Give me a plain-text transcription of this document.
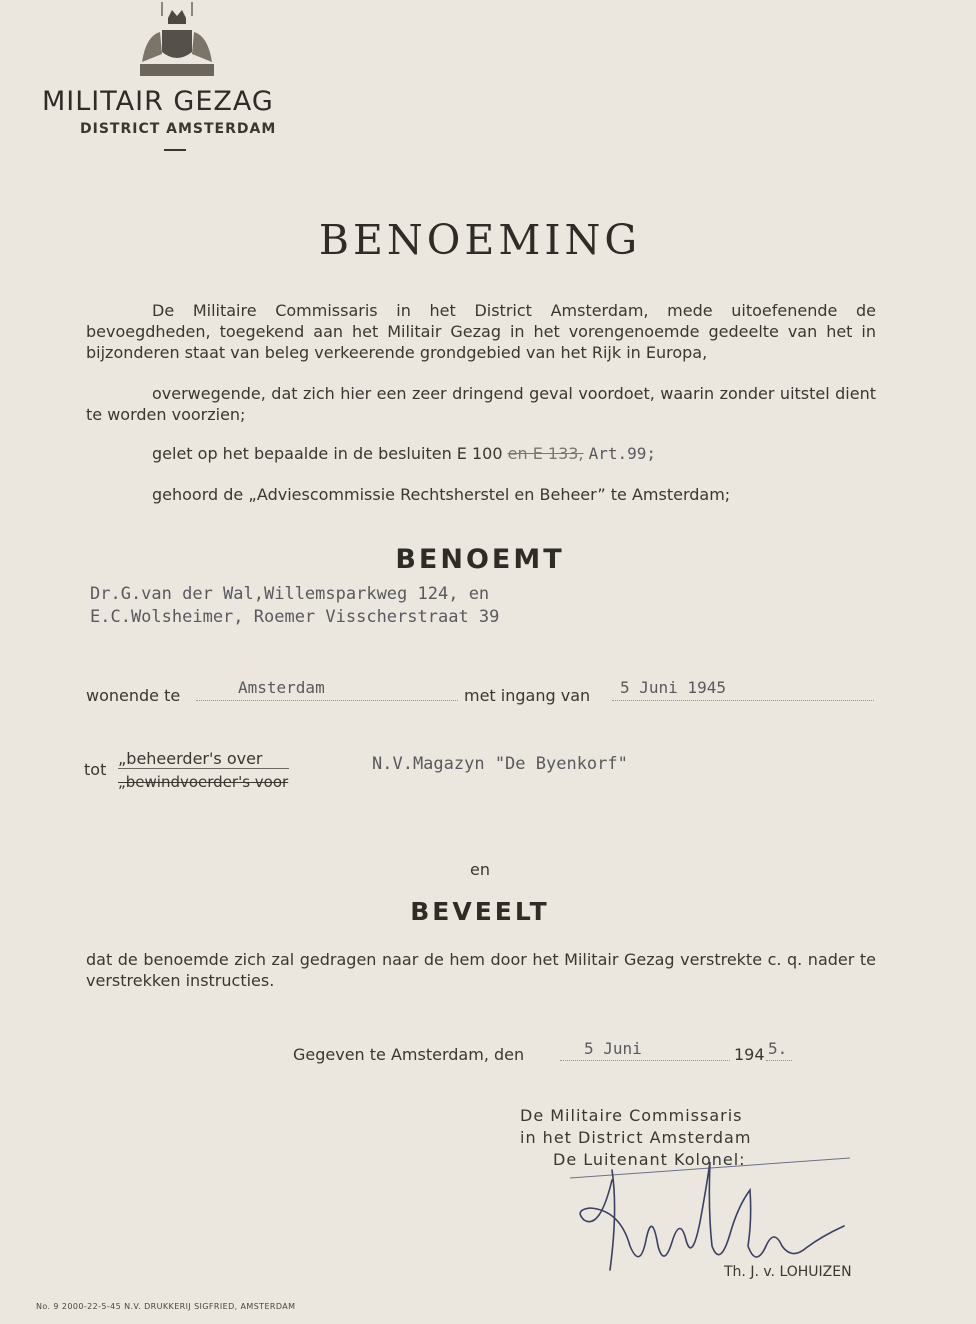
MILITAIR GEZAG
DISTRICT AMSTERDAM
BENOEMING
De Militaire Commissaris in het District Amsterdam, mede uitoefenende de bevoegdheden, toegekend aan het Militair Gezag in het vorengenoemde gedeelte van het in bijzonderen staat van beleg verkeerende grondgebied van het Rijk in Europa,
overwegende, dat zich hier een zeer dringend geval voordoet, waarin zonder uitstel dient te worden voorzien;
gelet op het bepaalde in de besluiten E 100 en E 133, Art.99;
gehoord de „Adviescommissie Rechtsherstel en Beheer” te Amsterdam;
BENOEMT
Dr.G.van der Wal,Willemsparkweg 124, en
E.C.Wolsheimer, Roemer Visscherstraat 39
wonende te	Amsterdam	met ingang van 5 Juni 1945
tot
„beheerder's over
„bewindvoerder's voor
N.V.Magazyn "De Byenkorf"
en
BEVEELT
dat de benoemde zich zal gedragen naar de hem door het Militair Gezag verstrekte c. q. nader te verstrekken instructies.
Gegeven te Amsterdam, den	5 Juni	194 5.
De Militaire Commissaris
in het District Amsterdam
De Luitenant Kolonel:
Th. J. v. LOHUIZEN
No. 9 2000-22-5-45 N.V. DRUKKERIJ SIGFRIED, AMSTERDAM
